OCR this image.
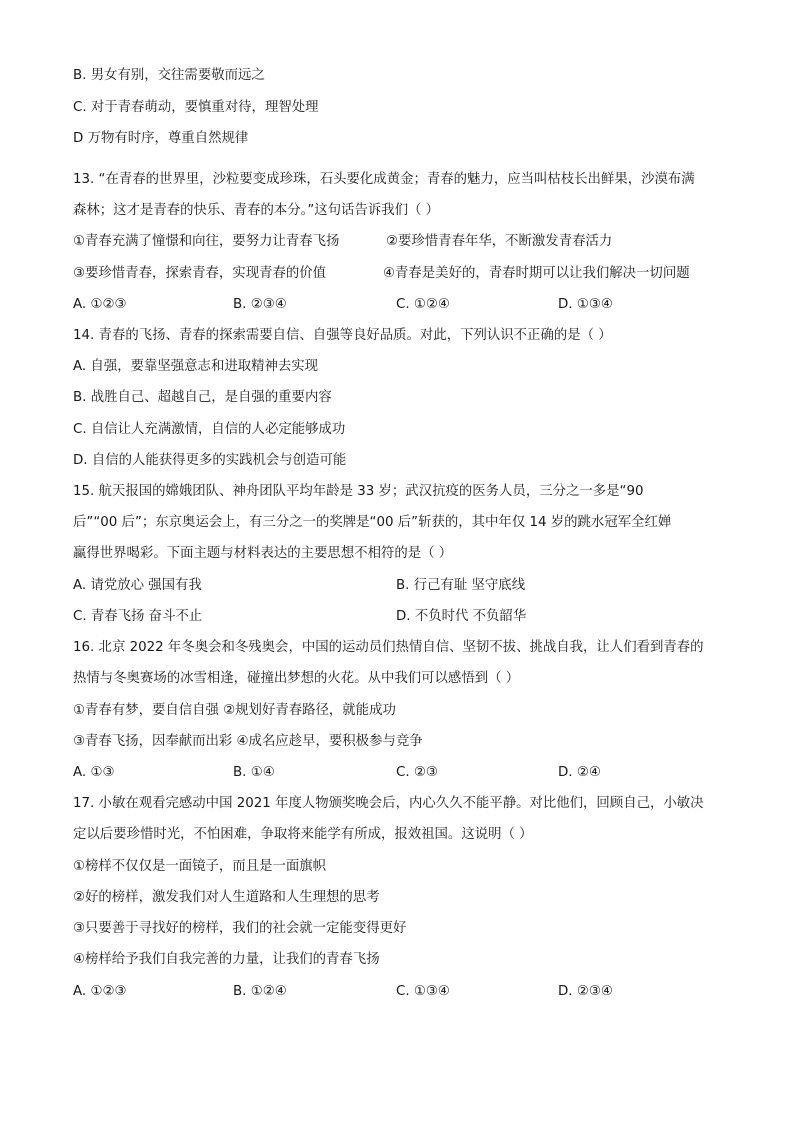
B. 男女有别，交往需要敬而远之

C. 对于青春萌动，要慎重对待，理智处理

D 万物有时序，尊重自然规律

13. “在青春的世界里，沙粒要变成珍珠，石头要化成黄金；青春的魅力，应当叫枯枝长出鲜果，沙漠布满

森林；这才是青春的快乐、青春的本分。”这句话告诉我们（ ）

①青春充满了憧憬和向往，要努力让青春飞扬	②要珍惜青春年华，不断激发青春活力

③要珍惜青春，探索青春，实现青春的价值	④青春是美好的，青春时期可以让我们解决一切问题

A. ①②③	B. ②③④	C. ①②④	D. ①③④

14. 青春的飞扬、青春的探索需要自信、自强等良好品质。对此，下列认识不正确的是（ ）

A. 自强，要靠坚强意志和进取精神去实现

B. 战胜自己、超越自己，是自强的重要内容

C. 自信让人充满激情，自信的人必定能够成功

D. 自信的人能获得更多的实践机会与创造可能

15. 航天报国的嫦娥团队、神舟团队平均年龄是 33 岁；武汉抗疫的医务人员，三分之一多是“90

后”“00 后”；东京奥运会上，有三分之一的奖牌是“00 后”斩获的，其中年仅 14 岁的跳水冠军全红婵

赢得世界喝彩。下面主题与材料表达的主要思想不相符的是（ ）

A. 请党放心 强国有我	B. 行己有耻 坚守底线
C. 青春飞扬 奋斗不止	D. 不负时代 不负韶华

16. 北京 2022 年冬奥会和冬残奥会，中国的运动员们热情自信、坚韧不拔、挑战自我，让人们看到青春的

热情与冬奥赛场的冰雪相逢，碰撞出梦想的火花。从中我们可以感悟到（ ）

①青春有梦，要自信自强 ②规划好青春路径，就能成功

③青春飞扬，因奉献而出彩 ④成名应趁早，要积极参与竞争

A. ①③	B. ①④	C. ②③	D. ②④

17. 小敏在观看完感动中国 2021 年度人物颁奖晚会后，内心久久不能平静。对比他们，回顾自己，小敏决

定以后要珍惜时光，不怕困难，争取将来能学有所成，报效祖国。这说明（ ）

①榜样不仅仅是一面镜子，而且是一面旗帜

②好的榜样，激发我们对人生道路和人生理想的思考

③只要善于寻找好的榜样，我们的社会就一定能变得更好

④榜样给予我们自我完善的力量，让我们的青春飞扬

A. ①②③	B. ①②④	C. ①③④	D. ②③④
